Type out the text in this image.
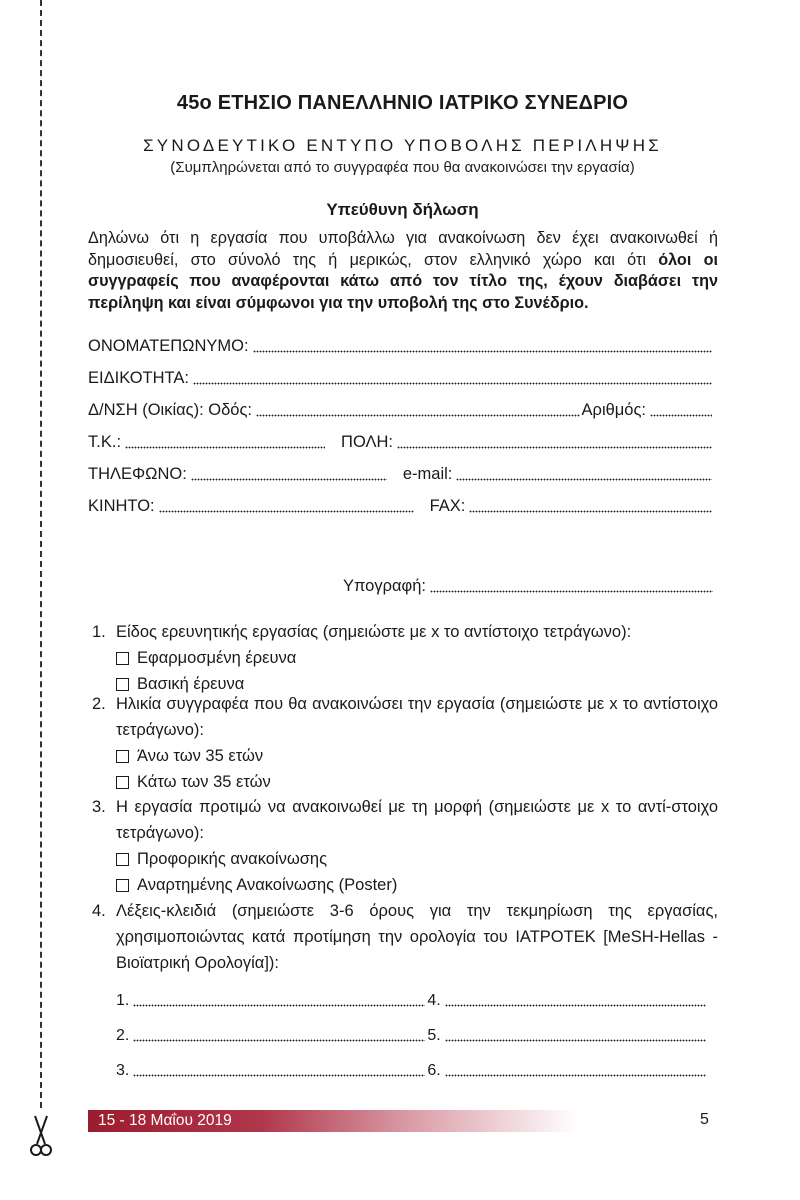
45ο ΕΤΗΣΙΟ ΠΑΝΕΛΛΗΝΙΟ ΙΑΤΡΙΚΟ ΣΥΝΕΔΡΙΟ
ΣΥΝΟΔΕΥΤΙΚΟ ΕΝΤΥΠΟ ΥΠΟΒΟΛΗΣ ΠΕΡΙΛΗΨΗΣ
(Συμπληρώνεται από το συγγραφέα που θα ανακοινώσει την εργασία)
Υπεύθυνη δήλωση
Δηλώνω ότι η εργασία που υποβάλλω για ανακοίνωση δεν έχει ανακοινωθεί ή δημοσιευθεί, στο σύνολό της ή μερικώς, στον ελληνικό χώρο και ότι όλοι οι συγγραφείς που αναφέρονται κάτω από τον τίτλο της, έχουν διαβάσει την περίληψη και είναι σύμφωνοι για την υποβολή της στο Συνέδριο.
ΟΝΟΜΑΤΕΠΩΝΥΜΟ:
ΕΙΔΙΚΟΤΗΤΑ:
Δ/ΝΣΗ (Οικίας): Οδός:	Αριθμός:
Τ.Κ.:	ΠΟΛΗ:
ΤΗΛΕΦΩΝΟ:	e-mail:
ΚΙΝΗΤΟ:	FAX:
Υπογραφή:
1. Είδος ερευνητικής εργασίας (σημειώστε με x το αντίστοιχο τετράγωνο):
Εφαρμοσμένη έρευνα
Βασική έρευνα
2. Ηλικία συγγραφέα που θα ανακοινώσει την εργασία (σημειώστε με x το αντίστοιχο τετράγωνο):
Άνω των 35 ετών
Κάτω των 35 ετών
3. Η εργασία προτιμώ να ανακοινωθεί με τη μορφή (σημειώστε με x το αντί-στοιχο τετράγωνο):
Προφορικής ανακοίνωσης
Αναρτημένης Ανακοίνωσης (Poster)
4. Λέξεις-κλειδιά (σημειώστε 3-6 όρους για την τεκμηρίωση της εργασίας, χρησιμοποιώντας κατά προτίμηση την ορολογία του ΙΑΤΡΟΤΕΚ [MeSH-Hellas - Βιοϊατρική Ορολογία]):
1.	4.
2.	5.
3.	6.
15 - 18 Μαΐου 2019	5
